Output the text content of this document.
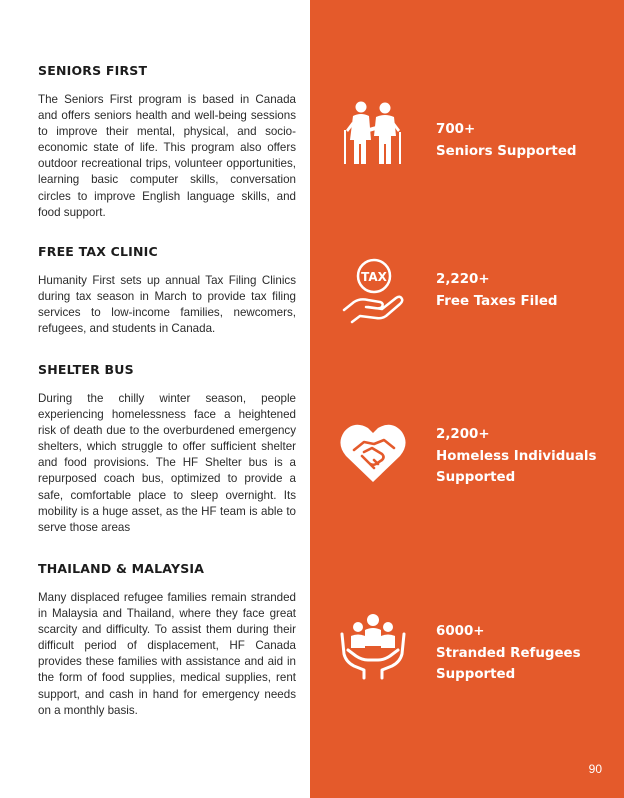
SENIORS FIRST

The Seniors First program is based in Canada and offers seniors health and well-being sessions to improve their mental, physical, and socio-economic state of life. This program also offers outdoor recreational trips, volunteer opportunities, learning basic computer skills, conversation circles to improve English language skills, and food support.

FREE TAX CLINIC

Humanity First sets up annual Tax Filing Clinics during tax season in March to provide tax filing services to low-income families, newcomers, refugees, and students in Canada.

SHELTER BUS

During the chilly winter season, people experiencing homelessness face a heightened risk of death due to the overburdened emergency shelters, which struggle to offer sufficient shelter and food provisions. The HF Shelter bus is a repurposed coach bus, optimized to provide a safe, comfortable place to sleep overnight. Its mobility is a huge asset, as the HF team is able to serve those areas

THAILAND & MALAYSIA

Many displaced refugee families remain stranded in Malaysia and Thailand, where they face great scarcity and difficulty. To assist them during their difficult period of displacement, HF Canada provides these families with assistance and aid in the form of food supplies, medical supplies, rent support, and cash in hand for emergency needs on a monthly basis.

700+
Seniors Supported
TAX	2,220+
Free Taxes Filed
2,200+
Homeless Individuals
Supported
6000+
Stranded Refugees
Supported
90
